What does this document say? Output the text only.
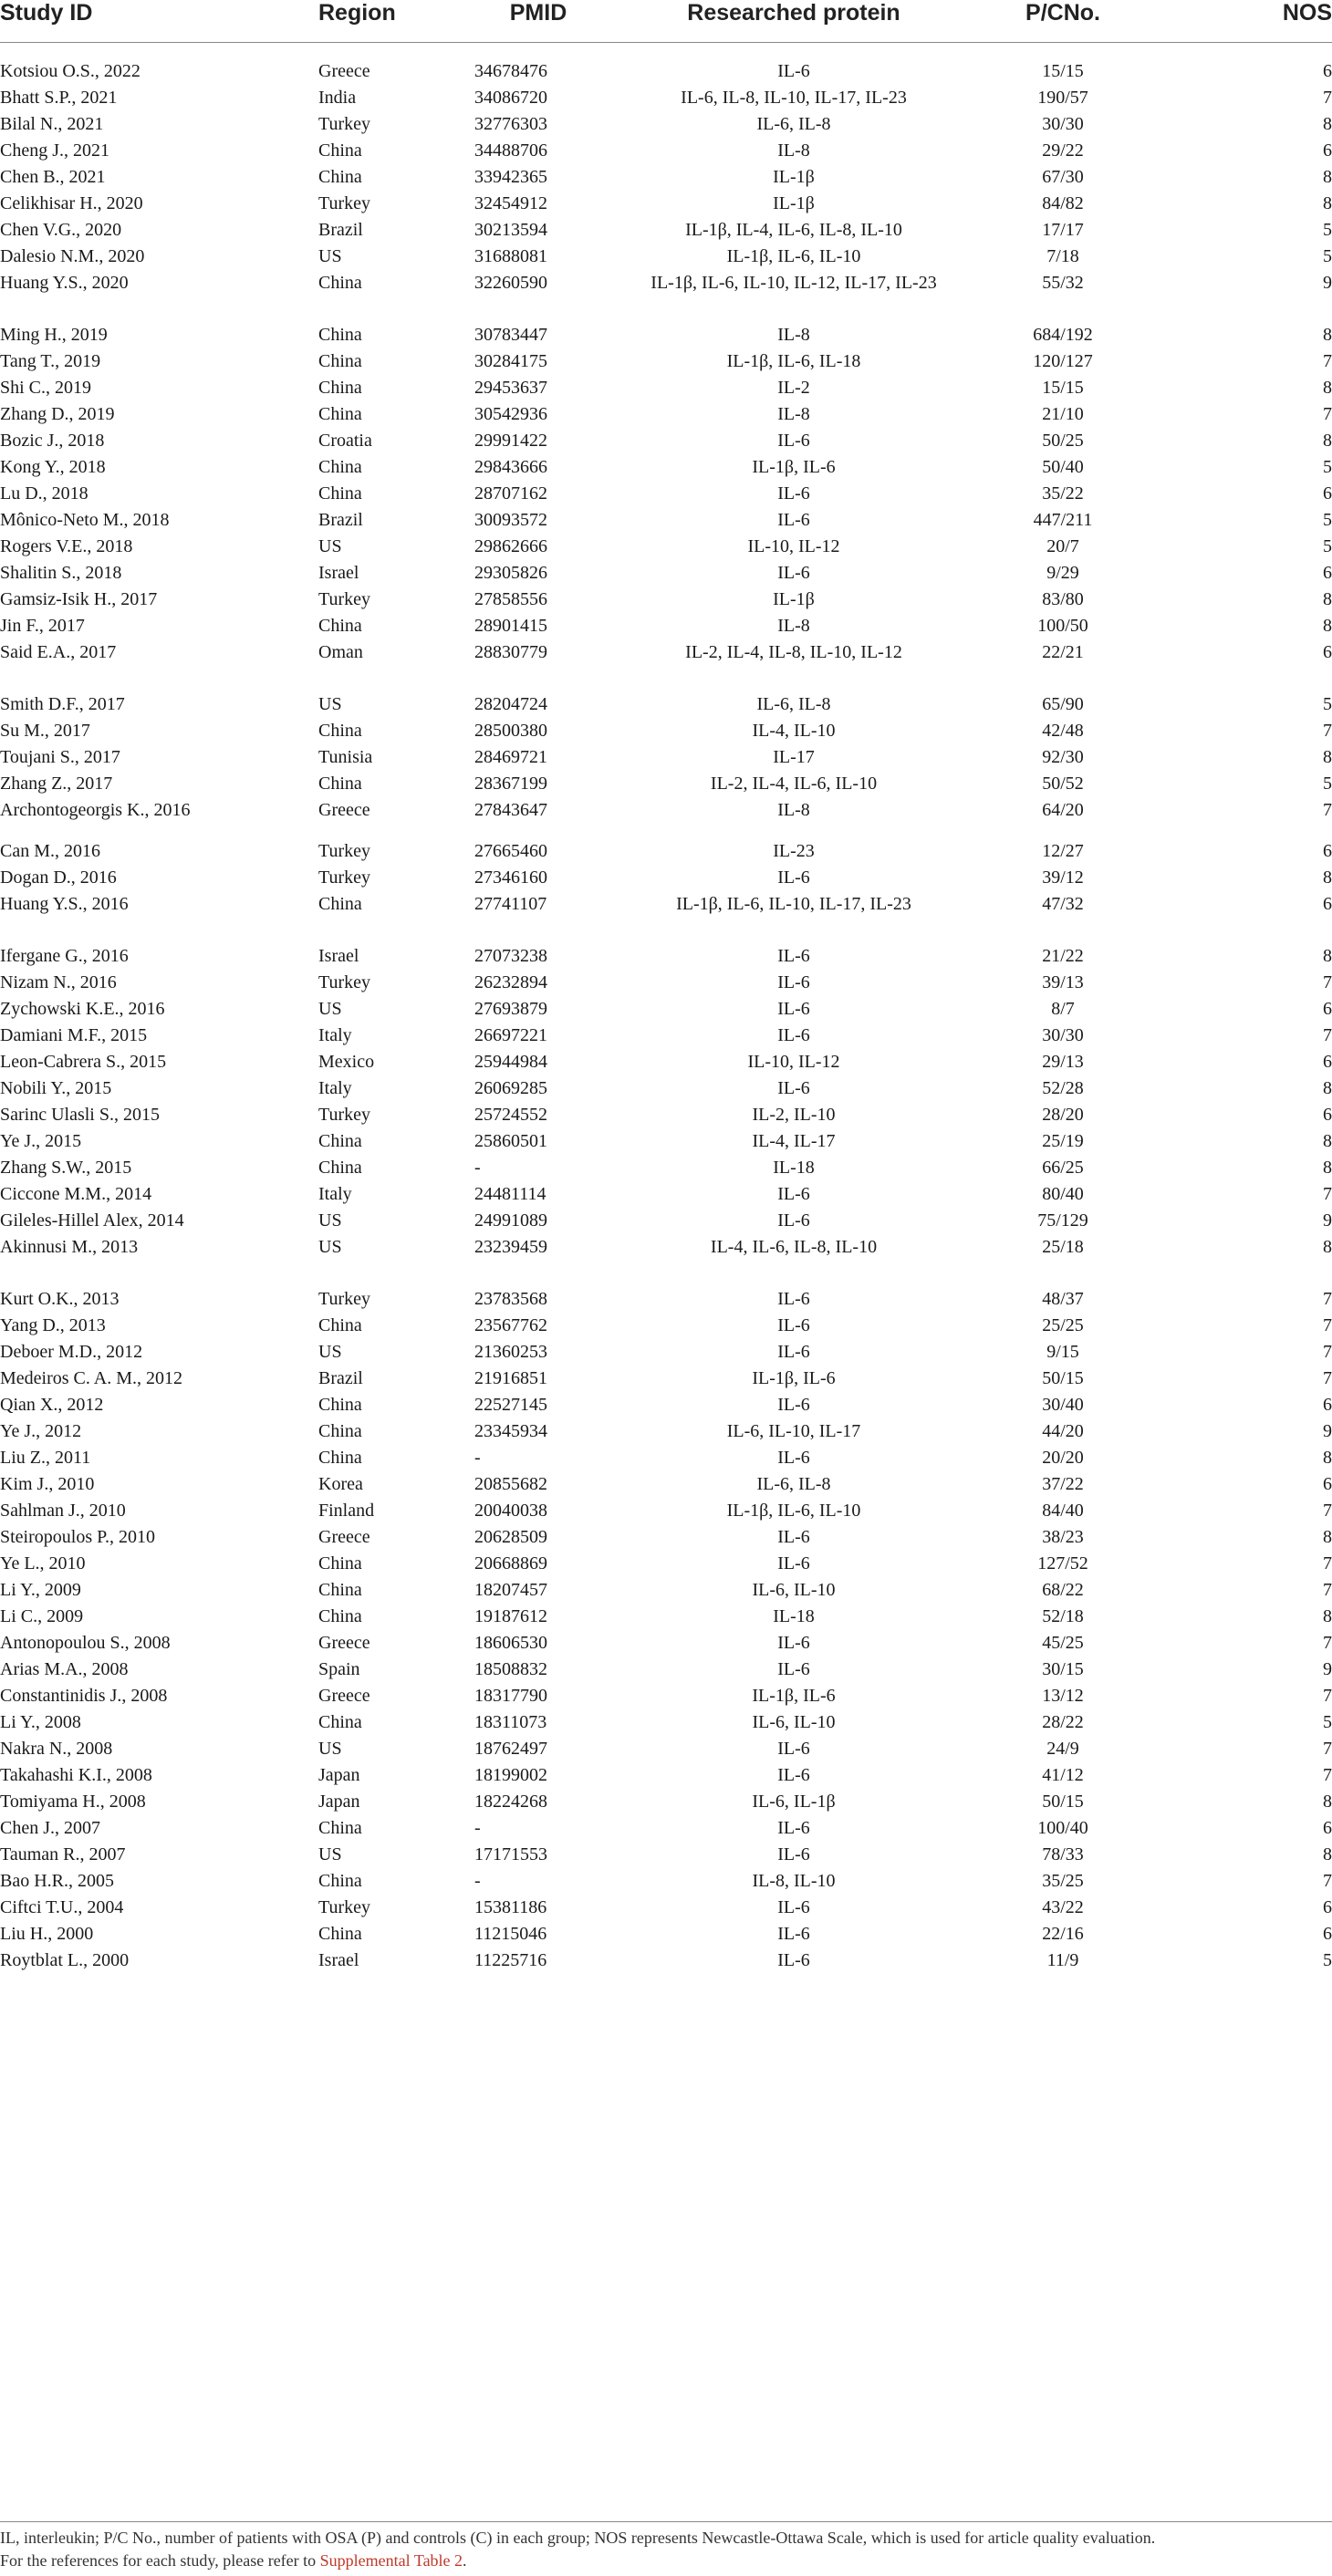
Study ID	Region	PMID	Researched protein	P/CNo.	NOS
Kotsiou O.S., 2022	Greece	34678476	IL-6	15/15	6
Bhatt S.P., 2021	India	34086720	IL-6, IL-8, IL-10, IL-17, IL-23	190/57	7
Bilal N., 2021	Turkey	32776303	IL-6, IL-8	30/30	8
Cheng J., 2021	China	34488706	IL-8	29/22	6
Chen B., 2021	China	33942365	IL-1β	67/30	8
Celikhisar H., 2020	Turkey	32454912	IL-1β	84/82	8
Chen V.G., 2020	Brazil	30213594	IL-1β, IL-4, IL-6, IL-8, IL-10	17/17	5
Dalesio N.M., 2020	US	31688081	IL-1β, IL-6, IL-10	7/18	5
Huang Y.S., 2020	China	32260590	IL-1β, IL-6, IL-10, IL-12, IL-17, IL-23	55/32	9
Ming H., 2019	China	30783447	IL-8	684/192	8
Tang T., 2019	China	30284175	IL-1β, IL-6, IL-18	120/127	7
Shi C., 2019	China	29453637	IL-2	15/15	8
Zhang D., 2019	China	30542936	IL-8	21/10	7
Bozic J., 2018	Croatia	29991422	IL-6	50/25	8
Kong Y., 2018	China	29843666	IL-1β, IL-6	50/40	5
Lu D., 2018	China	28707162	IL-6	35/22	6
Mônico-Neto M., 2018	Brazil	30093572	IL-6	447/211	5
Rogers V.E., 2018	US	29862666	IL-10, IL-12	20/7	5
Shalitin S., 2018	Israel	29305826	IL-6	9/29	6
Gamsiz-Isik H., 2017	Turkey	27858556	IL-1β	83/80	8
Jin F., 2017	China	28901415	IL-8	100/50	8
Said E.A., 2017	Oman	28830779	IL-2, IL-4, IL-8, IL-10, IL-12	22/21	6
Smith D.F., 2017	US	28204724	IL-6, IL-8	65/90	5
Su M., 2017	China	28500380	IL-4, IL-10	42/48	7
Toujani S., 2017	Tunisia	28469721	IL-17	92/30	8
Zhang Z., 2017	China	28367199	IL-2, IL-4, IL-6, IL-10	50/52	5
Archontogeorgis K., 2016	Greece	27843647	IL-8	64/20	7
Can M., 2016	Turkey	27665460	IL-23	12/27	6
Dogan D., 2016	Turkey	27346160	IL-6	39/12	8
Huang Y.S., 2016	China	27741107	IL-1β, IL-6, IL-10, IL-17, IL-23	47/32	6
Ifergane G., 2016	Israel	27073238	IL-6	21/22	8
Nizam N., 2016	Turkey	26232894	IL-6	39/13	7
Zychowski K.E., 2016	US	27693879	IL-6	8/7	6
Damiani M.F., 2015	Italy	26697221	IL-6	30/30	7
Leon-Cabrera S., 2015	Mexico	25944984	IL-10, IL-12	29/13	6
Nobili Y., 2015	Italy	26069285	IL-6	52/28	8
Sarinc Ulasli S., 2015	Turkey	25724552	IL-2, IL-10	28/20	6
Ye J., 2015	China	25860501	IL-4, IL-17	25/19	8
Zhang S.W., 2015	China	-	IL-18	66/25	8
Ciccone M.M., 2014	Italy	24481114	IL-6	80/40	7
Gileles-Hillel Alex, 2014	US	24991089	IL-6	75/129	9
Akinnusi M., 2013	US	23239459	IL-4, IL-6, IL-8, IL-10	25/18	8
Kurt O.K., 2013	Turkey	23783568	IL-6	48/37	7
Yang D., 2013	China	23567762	IL-6	25/25	7
Deboer M.D., 2012	US	21360253	IL-6	9/15	7
Medeiros C. A. M., 2012	Brazil	21916851	IL-1β, IL-6	50/15	7
Qian X., 2012	China	22527145	IL-6	30/40	6
Ye J., 2012	China	23345934	IL-6, IL-10, IL-17	44/20	9
Liu Z., 2011	China	-	IL-6	20/20	8
Kim J., 2010	Korea	20855682	IL-6, IL-8	37/22	6
Sahlman J., 2010	Finland	20040038	IL-1β, IL-6, IL-10	84/40	7
Steiropoulos P., 2010	Greece	20628509	IL-6	38/23	8
Ye L., 2010	China	20668869	IL-6	127/52	7
Li Y., 2009	China	18207457	IL-6, IL-10	68/22	7
Li C., 2009	China	19187612	IL-18	52/18	8
Antonopoulou S., 2008	Greece	18606530	IL-6	45/25	7
Arias M.A., 2008	Spain	18508832	IL-6	30/15	9
Constantinidis J., 2008	Greece	18317790	IL-1β, IL-6	13/12	7
Li Y., 2008	China	18311073	IL-6, IL-10	28/22	5
Nakra N., 2008	US	18762497	IL-6	24/9	7
Takahashi K.I., 2008	Japan	18199002	IL-6	41/12	7
Tomiyama H., 2008	Japan	18224268	IL-6, IL-1β	50/15	8
Chen J., 2007	China	-	IL-6	100/40	6
Tauman R., 2007	US	17171553	IL-6	78/33	8
Bao H.R., 2005	China	-	IL-8, IL-10	35/25	7
Ciftci T.U., 2004	Turkey	15381186	IL-6	43/22	6
Liu H., 2000	China	11215046	IL-6	22/16	6
Roytblat L., 2000	Israel	11225716	IL-6	11/9	5
IL, interleukin; P/C No., number of patients with OSA (P) and controls (C) in each group; NOS represents Newcastle-Ottawa Scale, which is used for article quality evaluation.
For the references for each study, please refer to Supplemental Table 2.
